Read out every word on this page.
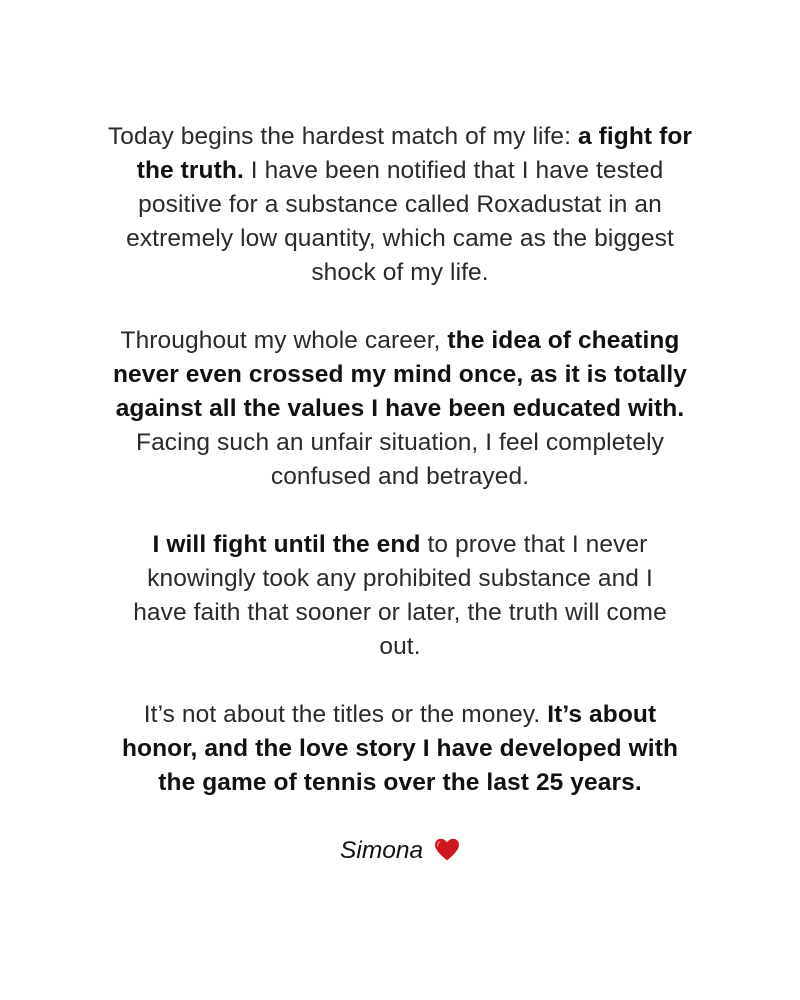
Today begins the hardest match of my life: a fight for the truth. I have been notified that I have tested positive for a substance called Roxadustat in an extremely low quantity, which came as the biggest shock of my life.

Throughout my whole career, the idea of cheating never even crossed my mind once, as it is totally against all the values I have been educated with. Facing such an unfair situation, I feel completely confused and betrayed.

I will fight until the end to prove that I never knowingly took any prohibited substance and I have faith that sooner or later, the truth will come out.

It’s not about the titles or the money. It’s about honor, and the love story I have developed with the game of tennis over the last 25 years.

Simona
